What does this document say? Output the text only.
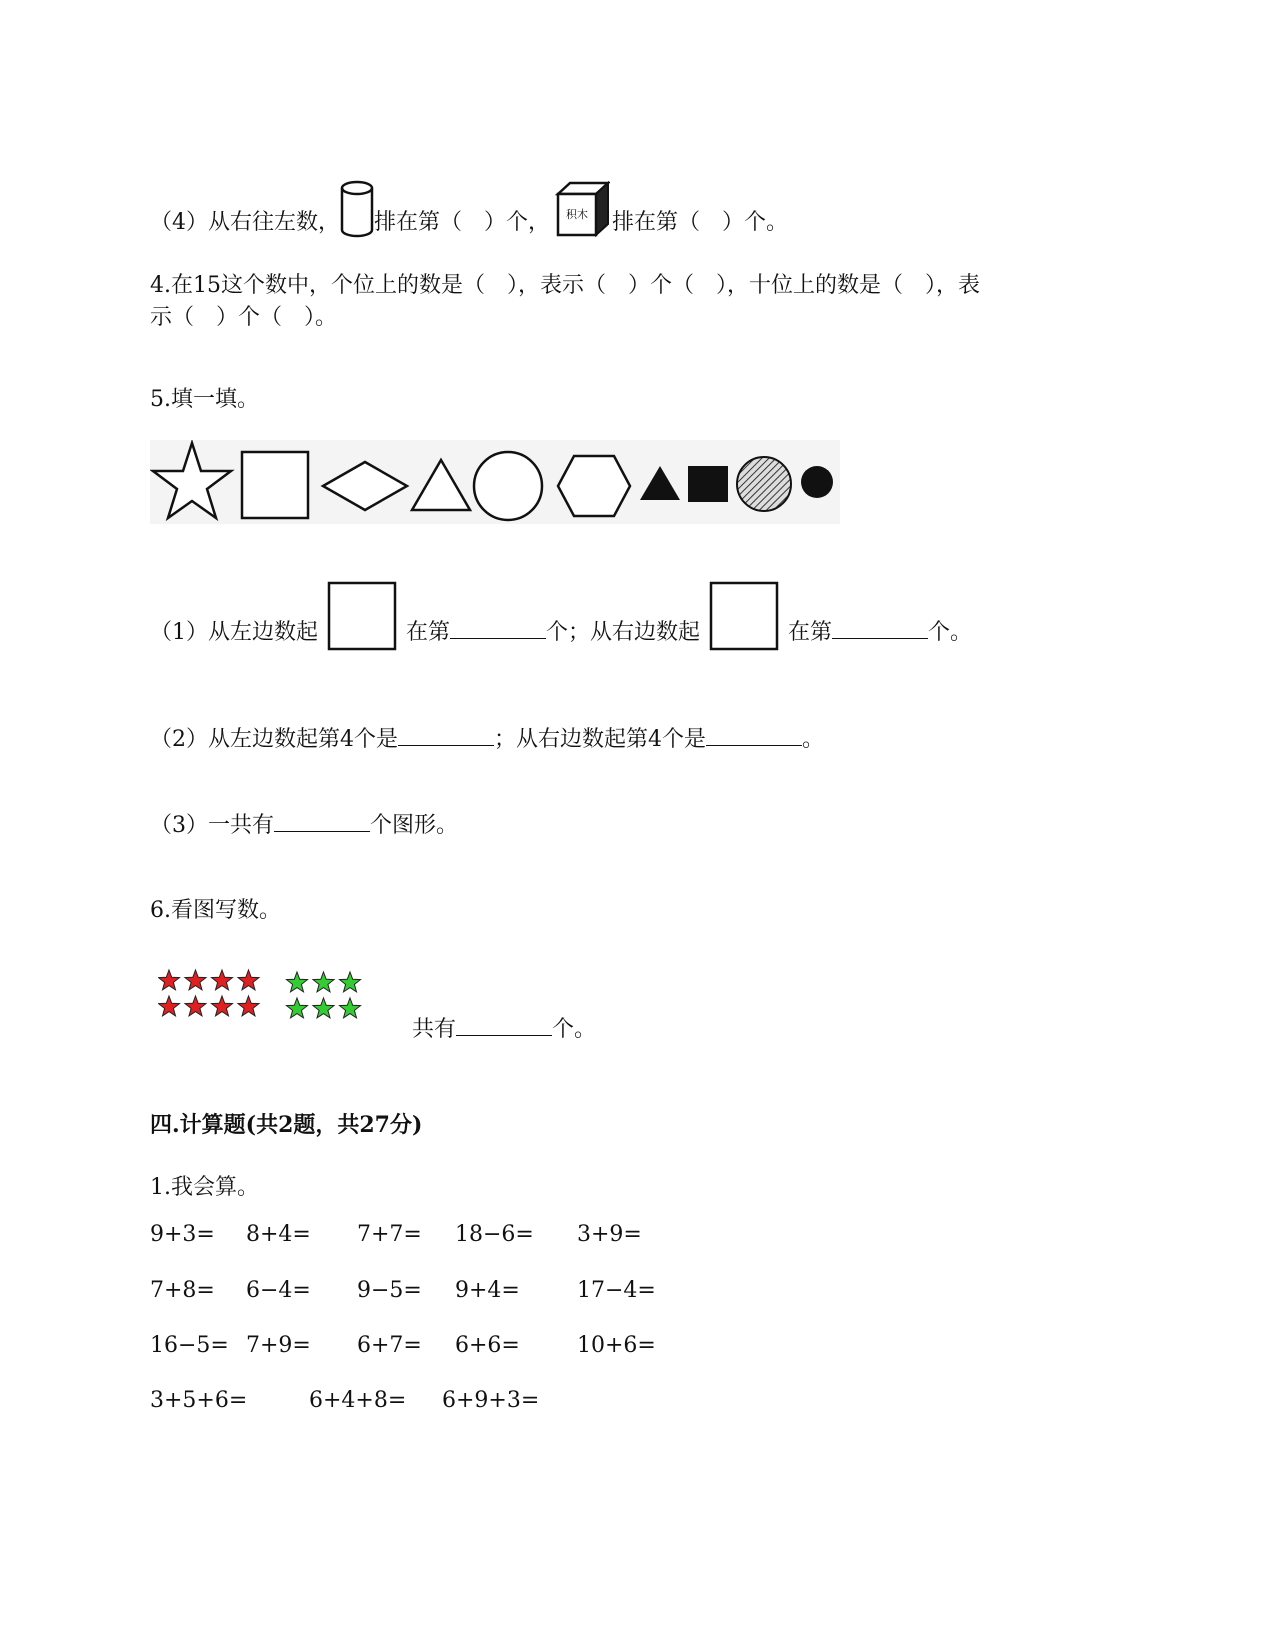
（4）从右往左数， 排在第（　）个， 积木 排在第（　）个。
4.在15这个数中，个位上的数是（　），表示（　）个（　），十位上的数是（　），表
示（　）个（　）。
5.填一填。
（1）从左边数起	在第	个；从右边数起	在第	个。
（2）从左边数起第4个是	；从右边数起第4个是	。
（3）一共有	个图形。
6.看图写数。
共有	个。
四.计算题(共2题，共27分)
1.我会算。
9+3= 8+4= 7+7= 18−6= 3+9=
7+8= 6−4= 9−5= 9+4=	17−4=
16−5= 7+9= 6+7= 6+6=	10+6=
3+5+6=	6+4+8= 6+9+3=
